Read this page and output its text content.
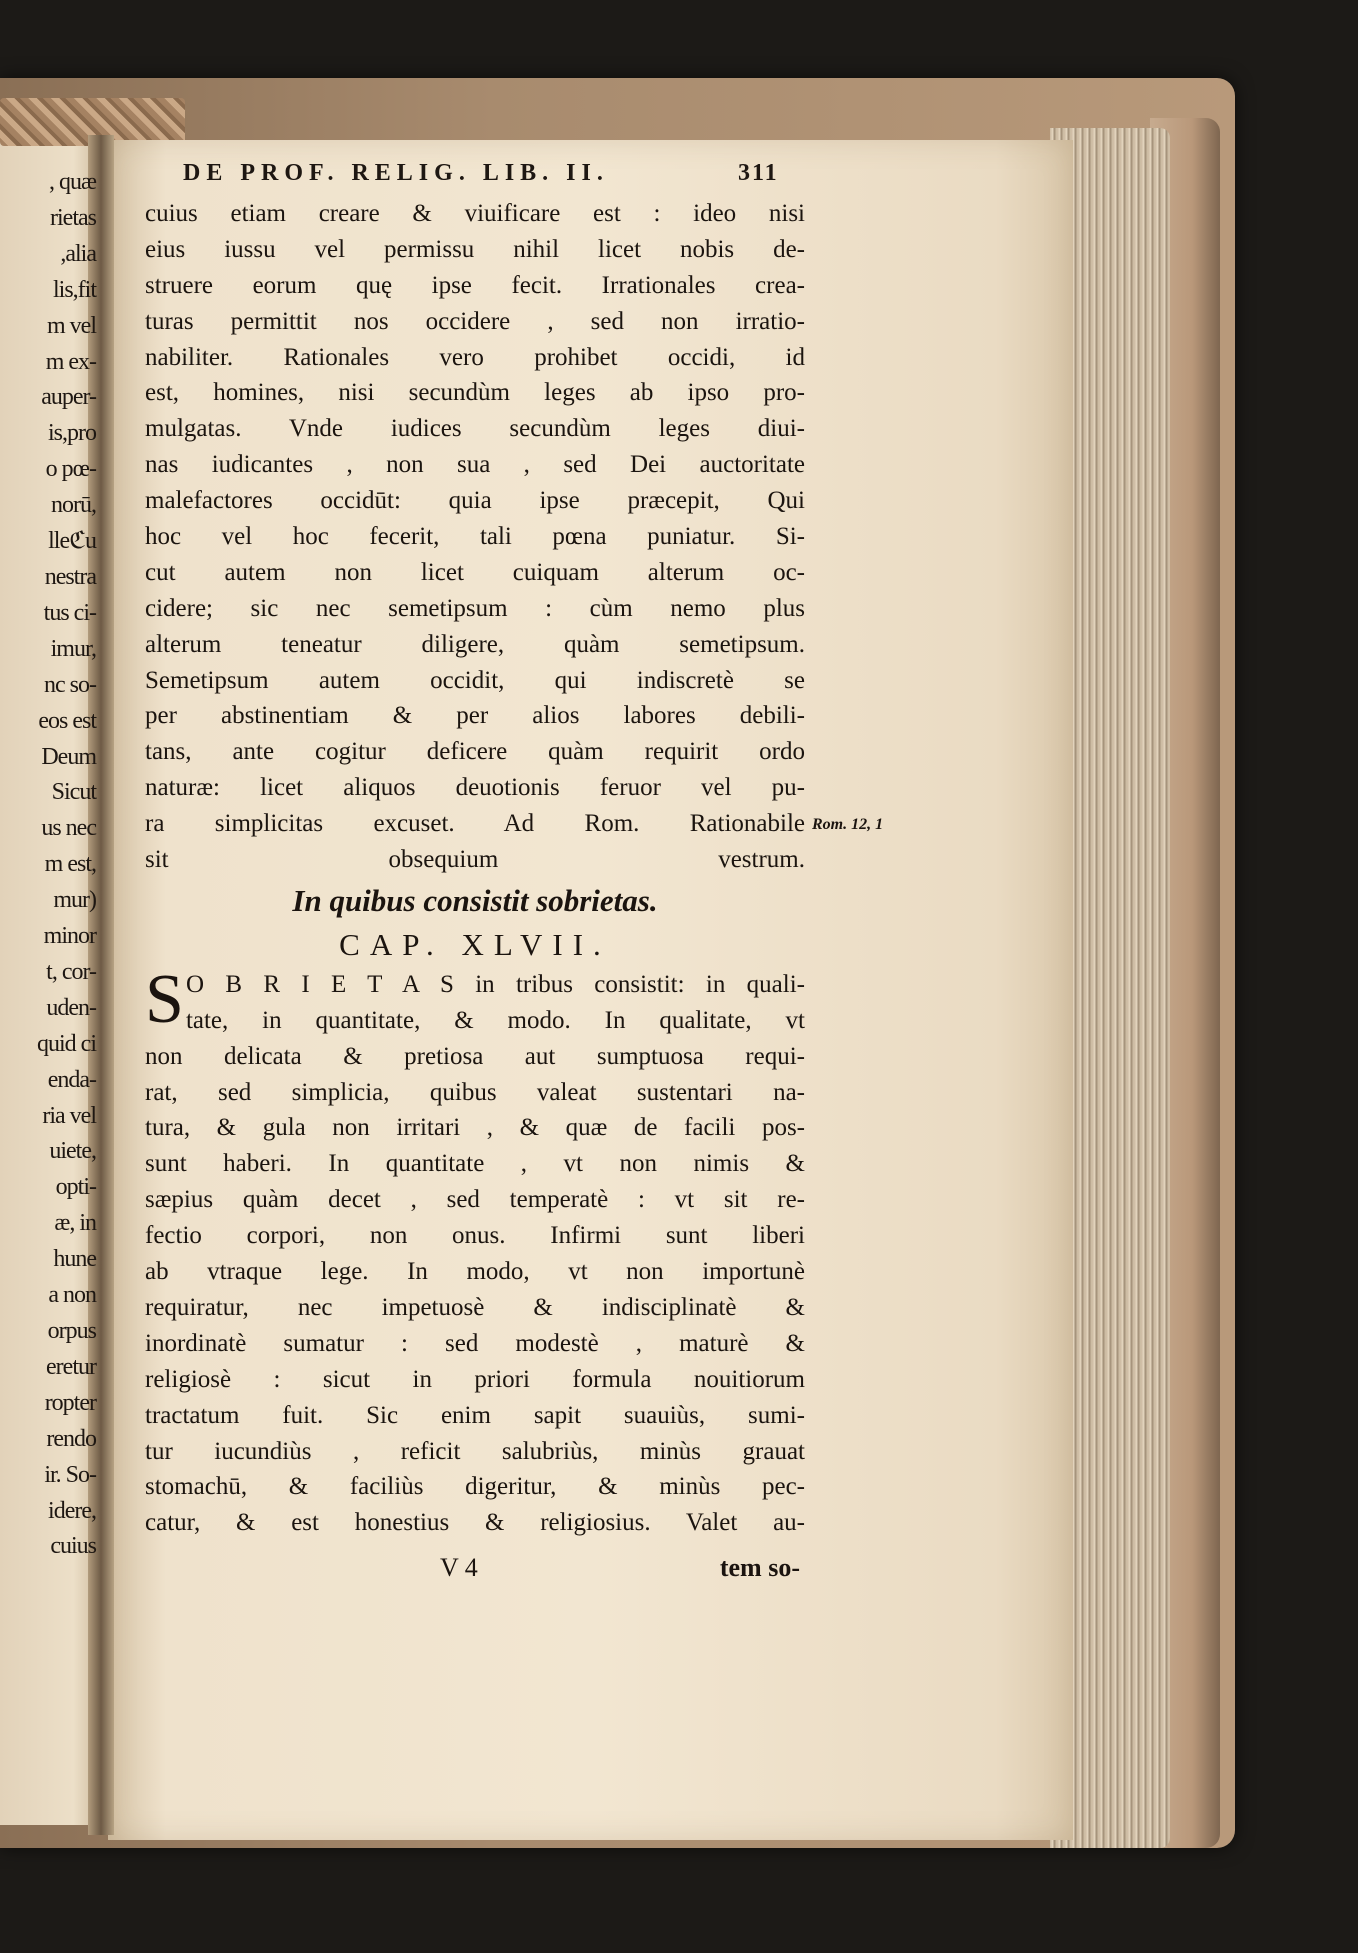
, quæ
rietas
,alia
lis,fit
m vel
m ex-
auper-
is,pro
o pœ-
norū,
lleℭu
nestra
tus ci-
imur,
nc so-
eos est
Deum
Sicut
us nec
m est,
mur)
minor
t, cor-
uden-
quid ci
enda-
ria vel
uiete,
opti-
æ, in
hune
a non
orpus
eretur
ropter
rendo
ir. So-
idere,
cuius
DE PROF. RELIG. LIB. II.	311
cuius etiam creare & viuificare est : ideo nisi
eius iussu vel permissu nihil licet nobis de-
struere eorum quę ipse fecit. Irrationales crea-
turas permittit nos occidere , sed non irratio-
nabiliter. Rationales vero prohibet occidi, id
est, homines, nisi secundùm leges ab ipso pro-
mulgatas. Vnde iudices secundùm leges diui-
nas iudicantes , non sua , sed Dei auctoritate
malefactores occidūt: quia ipse præcepit, Qui
hoc vel hoc fecerit, tali pœna puniatur. Si-
cut autem non licet cuiquam alterum oc-
cidere; sic nec semetipsum : cùm nemo plus
alterum teneatur diligere, quàm semetipsum.
Semetipsum autem occidit, qui indiscretè se
per abstinentiam & per alios labores debili-
tans, ante cogitur deficere quàm requirit ordo
naturæ: licet aliquos deuotionis feruor vel pu-
ra simplicitas excuset. Ad Rom. Rationabile
sit obsequium vestrum.
In quibus consistit sobrietas.
CAP. XLVII.
S O B R I E T A S in tribus consistit: in quali-
tate, in quantitate, & modo. In qualitate, vt
non delicata & pretiosa aut sumptuosa requi-
rat, sed simplicia, quibus valeat sustentari na-
tura, & gula non irritari , & quæ de facili pos-
sunt haberi. In quantitate , vt non nimis &
sæpius quàm decet , sed temperatè : vt sit re-
fectio corpori, non onus. Infirmi sunt liberi
ab vtraque lege. In modo, vt non importunè
requiratur, nec impetuosè & indisciplinatè &
inordinatè sumatur : sed modestè , maturè &
religiosè : sicut in priori formula nouitiorum
tractatum fuit. Sic enim sapit suauiùs, sumi-
tur iucundiùs , reficit salubriùs, minùs grauat
stomachū, & faciliùs digeritur, & minùs pec-
catur, & est honestius & religiosius. Valet au-
Rom. 12, 1
V 4	tem so-
